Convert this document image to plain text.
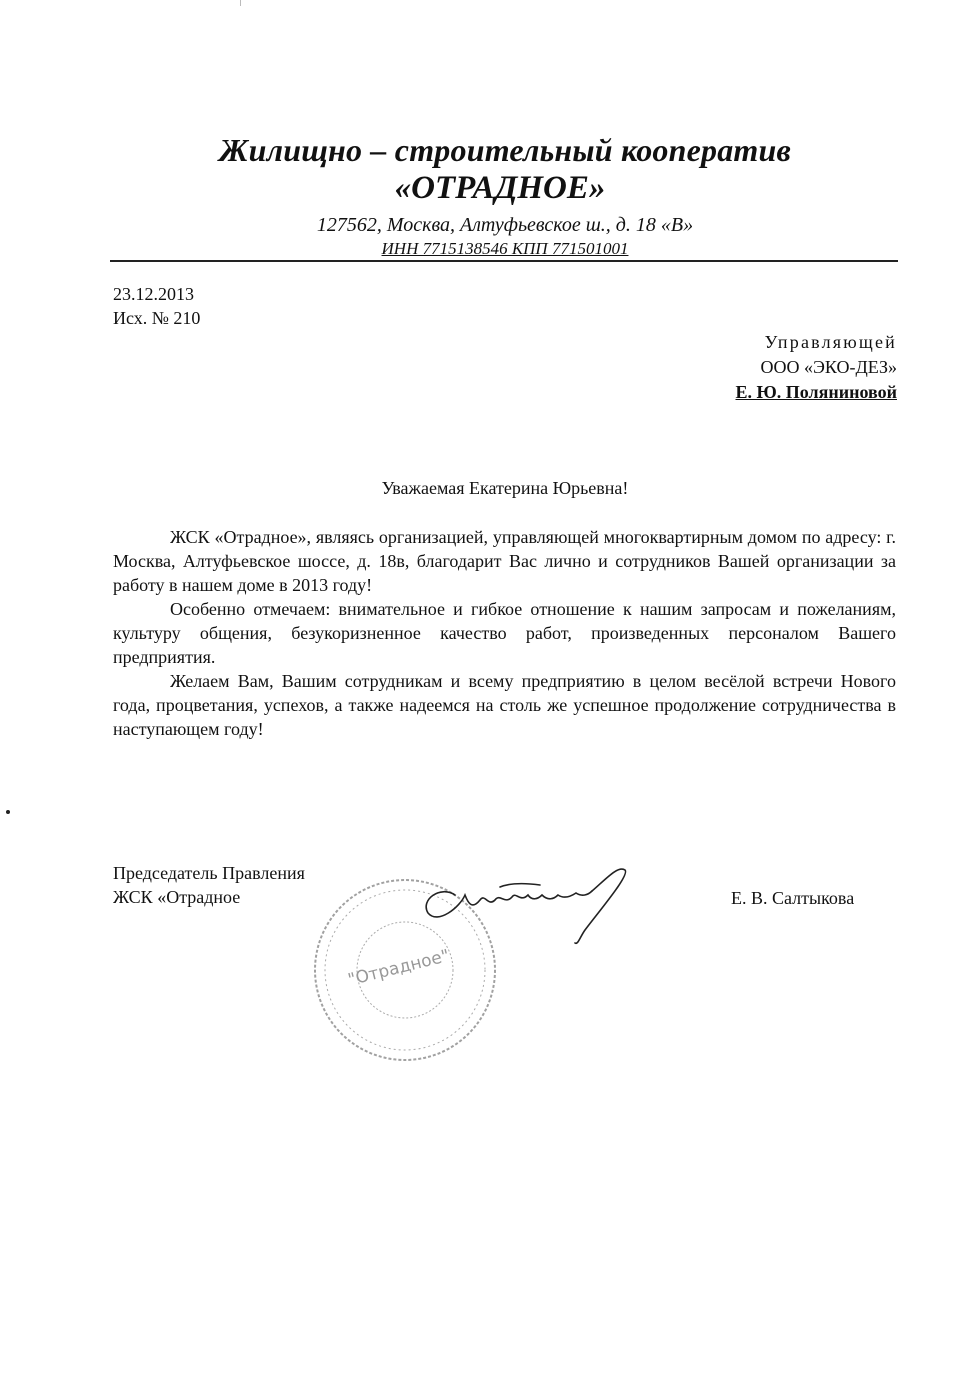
Жилищно – строительный кооператив
«ОТРАДНОЕ»
127562, Москва, Алтуфьевское ш., д. 18 «В»
ИНН 7715138546 КПП 771501001
23.12.2013
Исх. № 210
Управляющей
ООО «ЭКО-ДЕЗ»
Е. Ю. Поляниновой
Уважаемая Екатерина Юрьевна!

ЖСК «Отрадное», являясь организацией, управляющей многоквартирным домом по адресу: г. Москва, Алтуфьевское шоссе, д. 18в, благодарит Вас лично и сотрудников Вашей организации за работу в нашем доме в 2013 году!

Особенно отмечаем: внимательное и гибкое отношение к нашим запросам и пожеланиям, культуру общения, безукоризненное качество работ, произведенных персоналом Вашего предприятия.

Желаем Вам, Вашим сотрудникам и всему предприятию в целом весёлой встречи Нового года, процветания, успехов, а также надеемся на столь же успешное продолжение сотрудничества в наступающем году!

Председатель Правления
ЖСК «Отрадное
"Отрадное"
Е. В. Салтыкова
